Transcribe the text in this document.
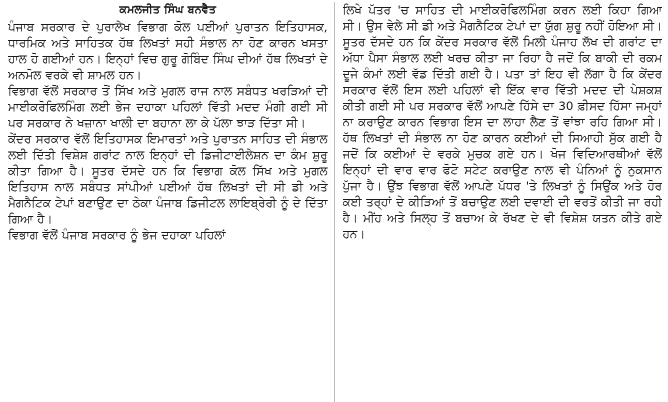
ਕਮਲਜੀਤ ਸਿੰਘ ਬਨਵੈਤ

ਪੰਜਾਬ ਸਰਕਾਰ ਦੇ ਪੁਰਾਲੇਖ ਵਿਭਾਗ ਕੋਲ ਪਈਆਂ ਪੁਰਾਤਨ ਇਤਿਹਾਸਕ, ਧਾਰਮਿਕ ਅਤੇ ਸਾਹਿਤਕ ਹੱਥ ਲਿਖਤਾਂ ਸਹੀ ਸੰਭਾਲ ਨਾ ਹੋਣ ਕਾਰਨ ਖਸਤਾ ਹਾਲ ਹੋ ਗਈਆਂ ਹਨ। ਇਨ੍ਹਾਂ ਵਿਚ ਗੁਰੂ ਗੋਬਿੰਦ ਸਿੰਘ ਦੀਆਂ ਹੱਥ ਲਿਖਤਾਂ ਦੇ ਅਨਮੋਲ ਵਰਕੇ ਵੀ ਸ਼ਾਮਲ ਹਨ।

ਵਿਭਾਗ ਵੱਲੋਂ ਸਰਕਾਰ ਤੋਂ ਸਿੱਖ ਅਤੇ ਮੁਗਲ ਰਾਜ ਨਾਲ ਸਬੰਧਤ ਖਰੜਿਆਂ ਦੀ ਮਾਈਕਰੋਫਿਲਮਿੰਗ ਲਈ ਭੇਜ ਦਹਾਕਾ ਪਹਿਲਾਂ ਵਿੱਤੀ ਮਦਦ ਮੰਗੀ ਗਈ ਸੀ ਪਰ ਸਰਕਾਰ ਨੇ ਖਜ਼ਾਨਾ ਖਾਲੀ ਦਾ ਬਹਾਨਾ ਲਾ ਕੇ ਪੱਲਾ ਝਾੜ ਦਿੱਤਾ ਸੀ।

ਕੇਂਦਰ ਸਰਕਾਰ ਵੱਲੋਂ ਇਤਿਹਾਸਕ ਇਮਾਰਤਾਂ ਅਤੇ ਪੁਰਾਤਨ ਸਾਹਿਤ ਦੀ ਸੰਭਾਲ ਲਈ ਦਿੱਤੀ ਵਿਸ਼ੇਸ਼ ਗਰਾਂਟ ਨਾਲ ਇਨ੍ਹਾਂ ਦੀ ਡਿਜੀਟਾਈਲੇਸ਼ਨ ਦਾ ਕੰਮ ਸ਼ੁਰੂ ਕੀਤਾ ਗਿਆ ਹੈ। ਸੂਤਰ ਦੱਸਦੇ ਹਨ ਕਿ ਵਿਭਾਗ ਕੋਲ ਸਿੱਖ ਅਤੇ ਮੁਗਲ ਇਤਿਹਾਸ ਨਾਲ ਸਬੰਧਤ ਸਾਂਪੀਆਂ ਪਈਆਂ ਹੱਥ ਲਿਖਤਾਂ ਦੀ ਸੀ ਡੀ ਅਤੇ ਮੈਗਨੈਟਿਕ ਟੇਪਾਂ ਬਣਾਉਣ ਦਾ ਠੇਕਾ ਪੰਜਾਬ ਡਿਜੀਟਲ ਲਾਇਬ੍ਰੇਰੀ ਨੂੰ ਦੇ ਦਿੱਤਾ ਗਿਆ ਹੈ।

ਵਿਭਾਗ ਵੱਲੋਂ ਪੰਜਾਬ ਸਰਕਾਰ ਨੂੰ ਭੇਜ ਦਹਾਕਾ ਪਹਿਲਾਂ

ਲਿਖੇ ਪੱਤਰ 'ਚ ਸਾਹਿਤ ਦੀ ਮਾਈਕਰੋਫਿਲਮਿੰਗ ਕਰਨ ਲਈ ਕਿਹਾ ਗਿਆ ਸੀ। ਉਸ ਵੇਲੇ ਸੀ ਡੀ ਅਤੇ ਮੈਗਨੈਟਿਕ ਟੇਪਾਂ ਦਾ ਯੁੱਗ ਸ਼ੁਰੂ ਨਹੀਂ ਹੋਇਆ ਸੀ। ਸੂਤਰ ਦੱਸਦੇ ਹਨ ਕਿ ਕੇਂਦਰ ਸਰਕਾਰ ਵੱਲੋਂ ਮਿਲੀ ਪੰਜਾਹ ਲੱਖ ਦੀ ਗਰਾਂਟ ਦਾ ਅੱਧਾ ਪੈਸਾ ਸੰਭਾਲ ਲਈ ਖਰਚ ਕੀਤਾ ਜਾ ਰਿਹਾ ਹੈ ਜਦੋਂ ਕਿ ਬਾਕੀ ਦੀ ਰਕਮ ਦੂਜੇ ਕੰਮਾਂ ਲਈ ਵੱਡ ਦਿੱਤੀ ਗਈ ਹੈ। ਪਤਾ ਤਾਂ ਇਹ ਵੀ ਲੱਗਾ ਹੈ ਕਿ ਕੇਂਦਰ ਸਰਕਾਰ ਵੱਲੋਂ ਇਸ ਲਈ ਪਹਿਲਾਂ ਵੀ ਇੱਕ ਵਾਰ ਵਿੱਤੀ ਮਦਦ ਦੀ ਪੇਸ਼ਕਸ਼ ਕੀਤੀ ਗਈ ਸੀ ਪਰ ਸਰਕਾਰ ਵੱਲੋਂ ਆਪਣੇ ਹਿੱਸੇ ਦਾ 30 ਫ਼ੀਸਦ ਹਿੱਸਾ ਜਮ੍ਹਾਂ ਨਾ ਕਰਾਉਣ ਕਾਰਨ ਵਿਭਾਗ ਇਸ ਦਾ ਲਾਹਾ ਲੈਣ ਤੋਂ ਵਾਂਝਾ ਰਹਿ ਗਿਆ ਸੀ। ਹੱਥ ਲਿਖਤਾਂ ਦੀ ਸੰਭਾਲ ਨਾ ਹੋਣ ਕਾਰਨ ਕਈਆਂ ਦੀ ਸਿਆਹੀ ਸੁੱਕ ਗਈ ਹੈ ਜਦੋਂ ਕਿ ਕਈਆਂ ਦੇ ਵਰਕੇ ਮੁਚਕ ਗਏ ਹਨ। ਖੋਜ ਵਿਦਿਆਰਥੀਆਂ ਵੱਲੋਂ ਇਨ੍ਹਾਂ ਦੀ ਵਾਰ ਵਾਰ ਫੋਟੋ ਸਟੇਟ ਕਰਾਉਣ ਨਾਲ ਵੀ ਪੰਨਿਆਂ ਨੂੰ ਨੁਕਸਾਨ ਪੁੱਜਾ ਹੈ। ਉਂਝ ਵਿਭਾਗ ਵੱਲੋਂ ਆਪਣੇ ਪੱਧਰ 'ਤੇ ਲਿਖਤਾਂ ਨੂੰ ਸਿਉਂਕ ਅਤੇ ਹੋਰ ਕਈ ਤਰ੍ਹਾਂ ਦੇ ਕੀੜਿਆਂ ਤੋਂ ਬਚਾਉਣ ਲਈ ਦਵਾਈ ਦੀ ਵਰਤੋਂ ਕੀਤੀ ਜਾ ਰਹੀ ਹੈ। ਮੀਂਹ ਅਤੇ ਸਿਲ੍ਹ ਤੋਂ ਬਚਾਅ ਕੇ ਰੱਖਣ ਦੇ ਵੀ ਵਿਸ਼ੇਸ਼ ਯਤਨ ਕੀਤੇ ਗਏ ਹਨ।
